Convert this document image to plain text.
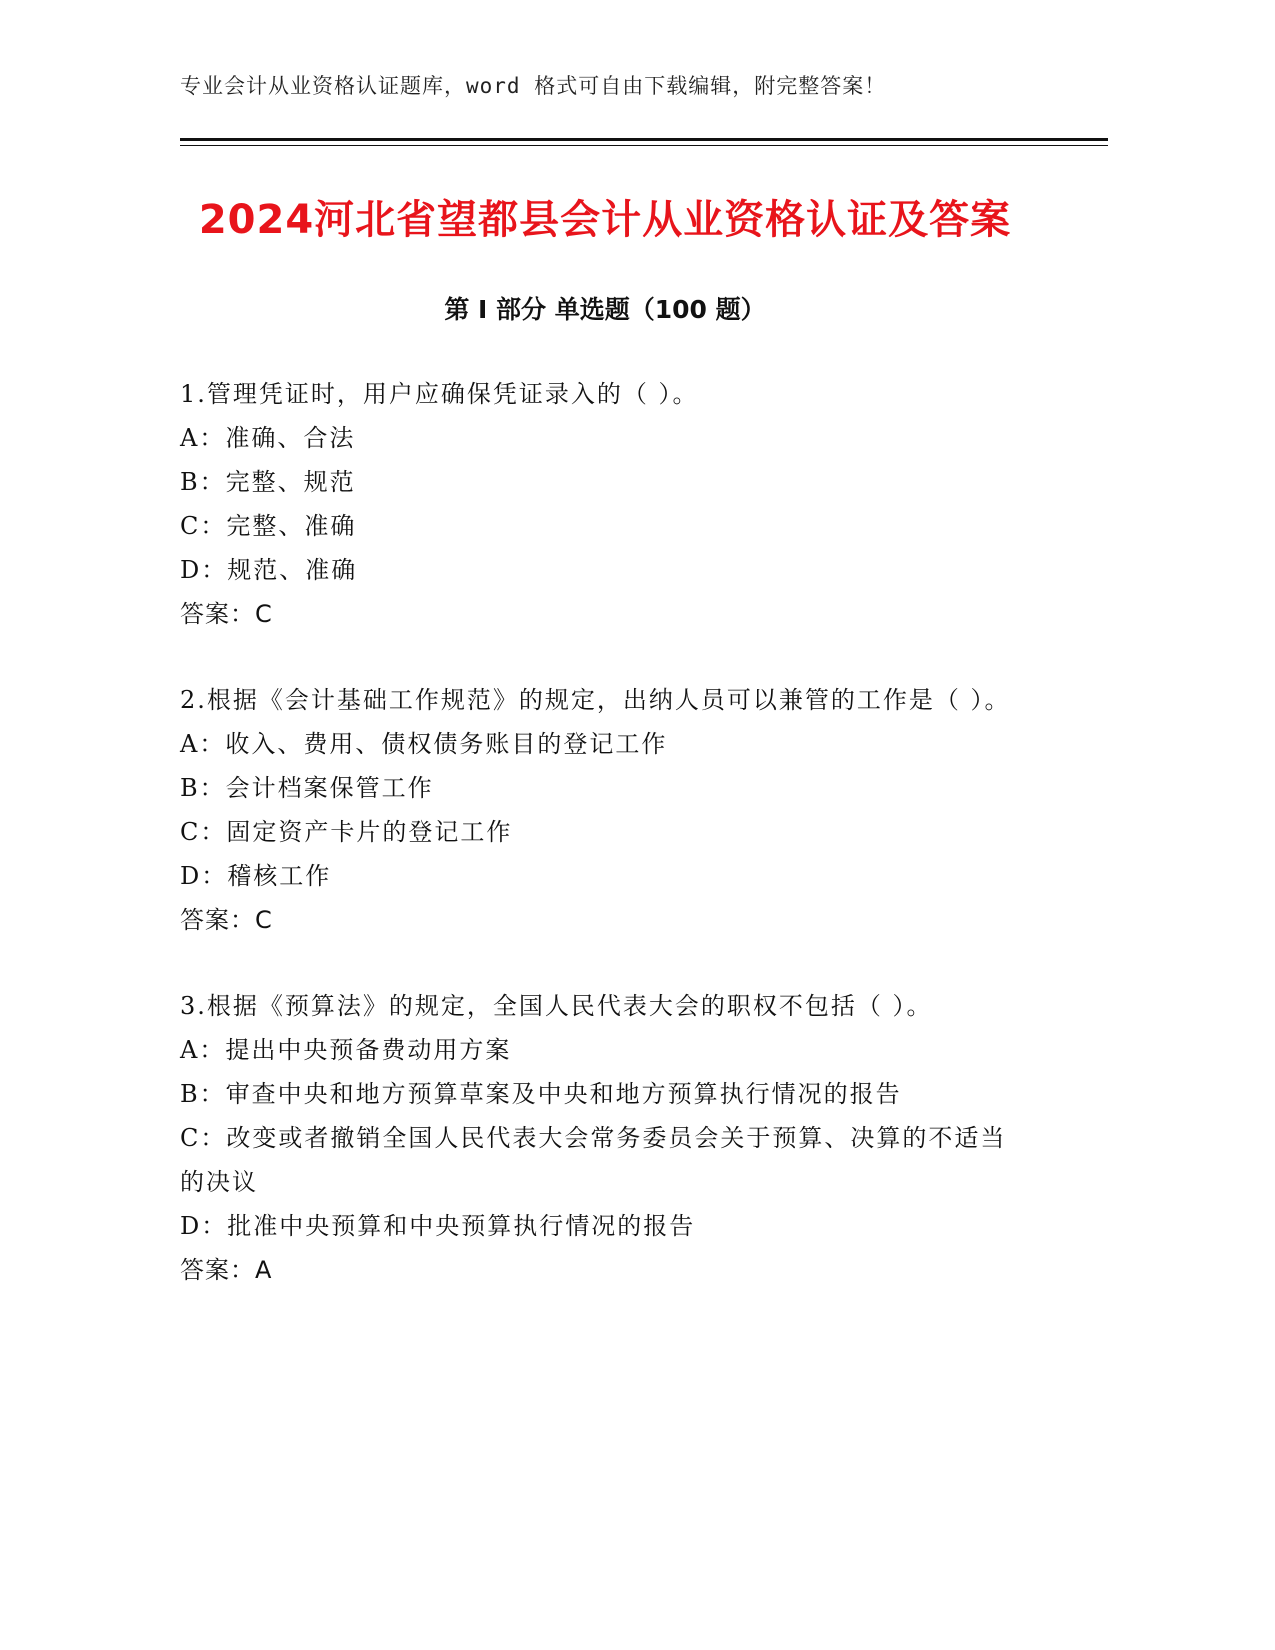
专业会计从业资格认证题库，word 格式可自由下载编辑，附完整答案！
2024河北省望都县会计从业资格认证及答案
第 I 部分 单选题（100 题）

1.管理凭证时，用户应确保凭证录入的（ ）。

A：准确、合法

B：完整、规范

C：完整、准确

D：规范、准确

答案：C

2.根据《会计基础工作规范》的规定，出纳人员可以兼管的工作是（ ）。

A：收入、费用、债权债务账目的登记工作

B：会计档案保管工作

C：固定资产卡片的登记工作

D：稽核工作

答案：C

3.根据《预算法》的规定，全国人民代表大会的职权不包括（ ）。

A：提出中央预备费动用方案

B：审查中央和地方预算草案及中央和地方预算执行情况的报告

C：改变或者撤销全国人民代表大会常务委员会关于预算、决算的不适当的决议

D：批准中央预算和中央预算执行情况的报告

答案：A
